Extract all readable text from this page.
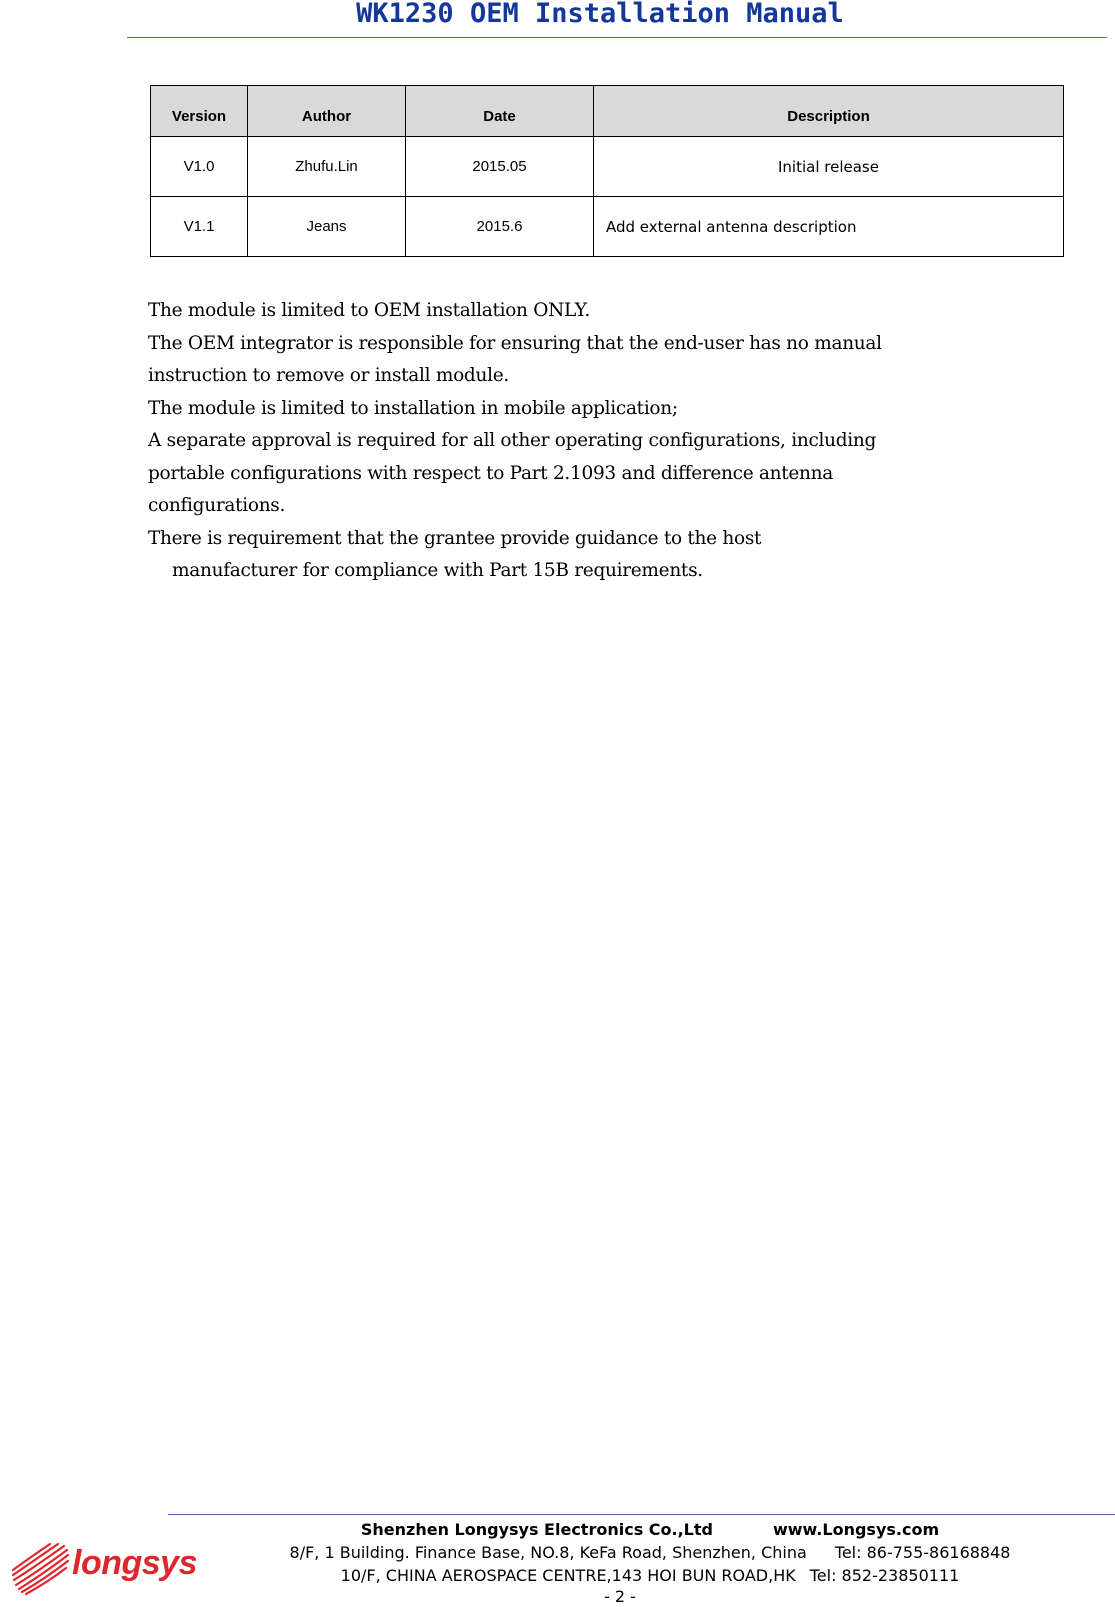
WK1230 OEM Installation Manual
Version	Author	Date	Description
V1.0	Zhufu.Lin	2015.05	Initial release
V1.1	Jeans	2015.6	Add external antenna description

The module is limited to OEM installation ONLY.

The OEM integrator is responsible for ensuring that the end-user has no manual

instruction to remove or install module.

The module is limited to installation in mobile application;

A separate approval is required for all other operating configurations, including

portable configurations with respect to Part 2.1093 and difference antenna

configurations.

There is requirement that the grantee provide guidance to the host

manufacturer for compliance with Part 15B requirements.

longsys
Shenzhen Longysys Electronics Co.,Ltd	www.Longsys.com
8/F, 1 Building. Finance Base, NO.8, KeFa Road, Shenzhen, China Tel: 86-755-86168848
10/F, CHINA AEROSPACE CENTRE,143 HOI BUN ROAD,HK Tel: 852-23850111
- 2 -
